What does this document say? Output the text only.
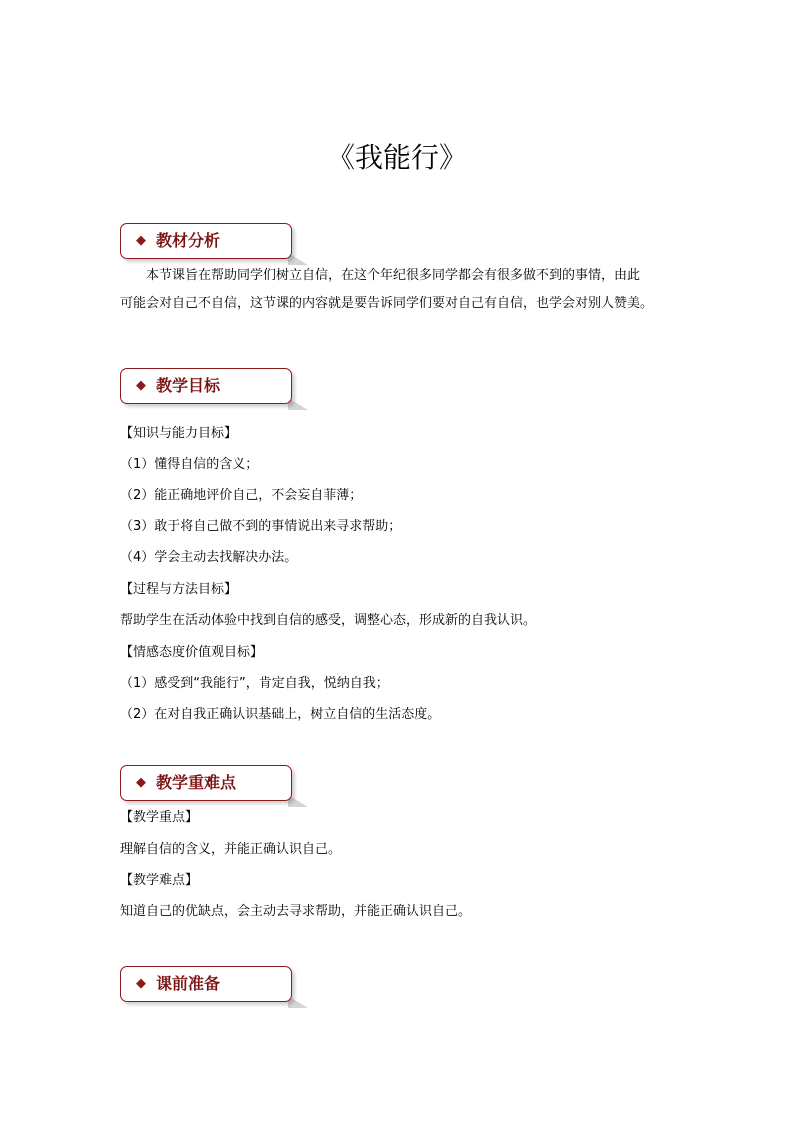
《我能行》
◆ 教材分析
本节课旨在帮助同学们树立自信，在这个年纪很多同学都会有很多做不到的事情，由此
可能会对自己不自信，这节课的内容就是要告诉同学们要对自己有自信，也学会对别人赞美。
◆ 教学目标
【知识与能力目标】
（1）懂得自信的含义；
（2）能正确地评价自己，不会妄自菲薄；
（3）敢于将自己做不到的事情说出来寻求帮助；
（4）学会主动去找解决办法。
【过程与方法目标】
帮助学生在活动体验中找到自信的感受，调整心态，形成新的自我认识。
【情感态度价值观目标】
（1）感受到“我能行”，肯定自我，悦纳自我；
（2）在对自我正确认识基础上，树立自信的生活态度。
◆ 教学重难点
【教学重点】
理解自信的含义，并能正确认识自己。
【教学难点】
知道自己的优缺点，会主动去寻求帮助，并能正确认识自己。
◆ 课前准备
